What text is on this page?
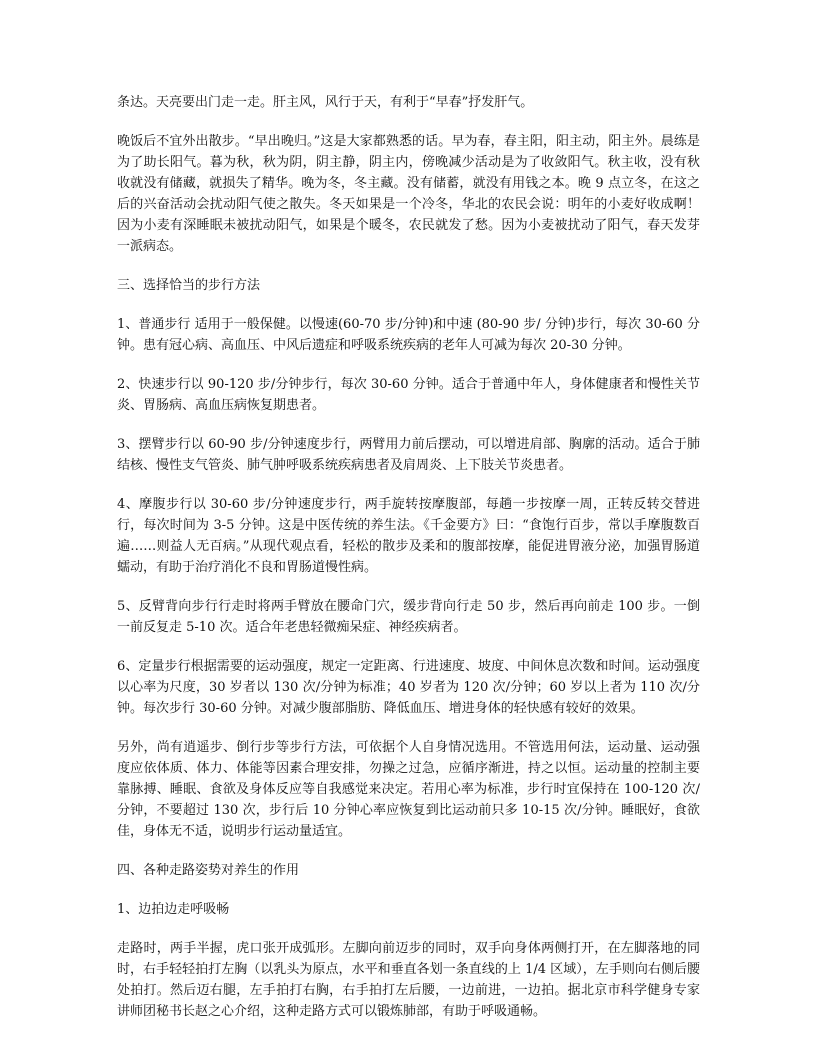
条达。天亮要出门走一走。肝主风，风行于天，有利于“早春”抒发肝气。

晚饭后不宜外出散步。“早出晚归。”这是大家都熟悉的话。早为春，春主阳，阳主动，阳主外。晨练是为了助长阳气。暮为秋，秋为阴，阴主静，阴主内，傍晚减少活动是为了收敛阳气。秋主收，没有秋收就没有储藏，就损失了精华。晚为冬，冬主藏。没有储蓄，就没有用钱之本。晚 9 点立冬，在这之后的兴奋活动会扰动阳气使之散失。冬天如果是一个冷冬，华北的农民会说：明年的小麦好收成啊！因为小麦有深睡眠未被扰动阳气，如果是个暖冬，农民就发了愁。因为小麦被扰动了阳气，春天发芽一派病态。

三、选择恰当的步行方法

1、普通步行 适用于一般保健。以慢速(60-70 步/分钟)和中速 (80-90 步/ 分钟)步行，每次 30-60 分钟。患有冠心病、高血压、中风后遗症和呼吸系统疾病的老年人可减为每次 20-30 分钟。

2、快速步行以 90-120 步/分钟步行，每次 30-60 分钟。适合于普通中年人，身体健康者和慢性关节炎、胃肠病、高血压病恢复期患者。

3、摆臂步行以 60-90 步/分钟速度步行，两臂用力前后摆动，可以增进肩部、胸廓的活动。适合于肺结核、慢性支气管炎、肺气肿呼吸系统疾病患者及肩周炎、上下肢关节炎患者。

4、摩腹步行以 30-60 步/分钟速度步行，两手旋转按摩腹部，每趟一步按摩一周，正转反转交替进行，每次时间为 3-5 分钟。这是中医传统的养生法。《千金要方》曰：“食饱行百步，常以手摩腹数百遍……则益人无百病。”从现代观点看，轻松的散步及柔和的腹部按摩，能促进胃液分泌，加强胃肠道蠕动，有助于治疗消化不良和胃肠道慢性病。

5、反臂背向步行行走时将两手臂放在腰命门穴，缓步背向行走 50 步，然后再向前走 100 步。一倒一前反复走 5-10 次。适合年老患轻微痴呆症、神经疾病者。

6、定量步行根据需要的运动强度，规定一定距离、行进速度、坡度、中间休息次数和时间。运动强度以心率为尺度，30 岁者以 130 次/分钟为标准；40 岁者为 120 次/分钟；60 岁以上者为 110 次/分钟。每次步行 30-60 分钟。对减少腹部脂肪、降低血压、增进身体的轻快感有较好的效果。

另外，尚有逍遥步、倒行步等步行方法，可依据个人自身情况选用。不管选用何法，运动量、运动强度应依体质、体力、体能等因素合理安排，勿操之过急，应循序渐进，持之以恒。运动量的控制主要靠脉搏、睡眠、食欲及身体反应等自我感觉来决定。若用心率为标准，步行时宜保持在 100-120 次/分钟，不要超过 130 次，步行后 10 分钟心率应恢复到比运动前只多 10-15 次/分钟。睡眠好，食欲佳，身体无不适，说明步行运动量适宜。

四、各种走路姿势对养生的作用

1、边拍边走呼吸畅

走路时，两手半握，虎口张开成弧形。左脚向前迈步的同时，双手向身体两侧打开，在左脚落地的同时，右手轻轻拍打左胸（以乳头为原点，水平和垂直各划一条直线的上 1/4 区域），左手则向右侧后腰处拍打。然后迈右腿，左手拍打右胸，右手拍打左后腰，一边前进，一边拍。据北京市科学健身专家讲师团秘书长赵之心介绍，这种走路方式可以锻炼肺部，有助于呼吸通畅。
